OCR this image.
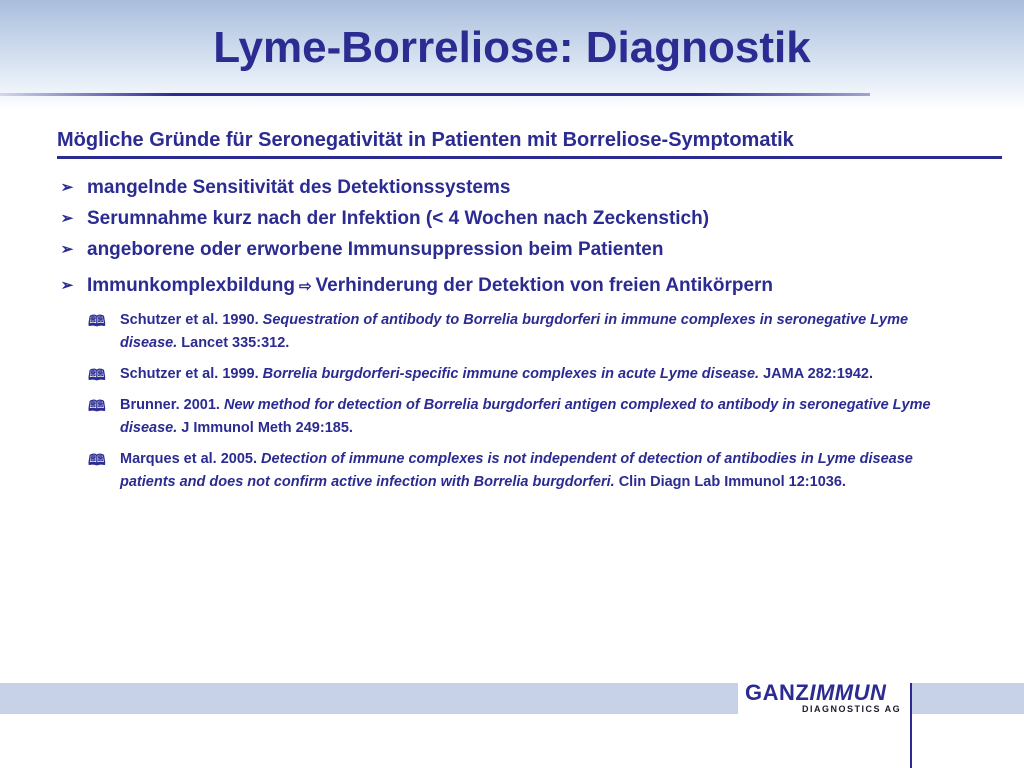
Lyme-Borreliose: Diagnostik
Mögliche Gründe für Seronegativität in Patienten mit Borreliose-Symptomatik
➢ mangelnde Sensitivität des Detektionssystems
➢ Serumnahme kurz nach der Infektion (< 4 Wochen nach Zeckenstich)
➢ angeborene oder erworbene Immunsuppression beim Patienten
➢ Immunkomplexbildung ⇨ Verhinderung der Detektion von freien Antikörpern
🕮 Schutzer et al. 1990. Sequestration of antibody to Borrelia burgdorferi in immune complexes in seronegative Lyme disease. Lancet 335:312.
🕮 Schutzer et al. 1999. Borrelia burgdorferi-specific immune complexes in acute Lyme disease. JAMA 282:1942.
🕮 Brunner. 2001. New method for detection of Borrelia burgdorferi antigen complexed to antibody in seronegative Lyme disease. J Immunol Meth 249:185.
🕮 Marques et al. 2005. Detection of immune complexes is not independent of detection of antibodies in Lyme disease patients and does not confirm active infection with Borrelia burgdorferi. Clin Diagn Lab Immunol 12:1036.
GANZIMMUN
DIAGNOSTICS AG
